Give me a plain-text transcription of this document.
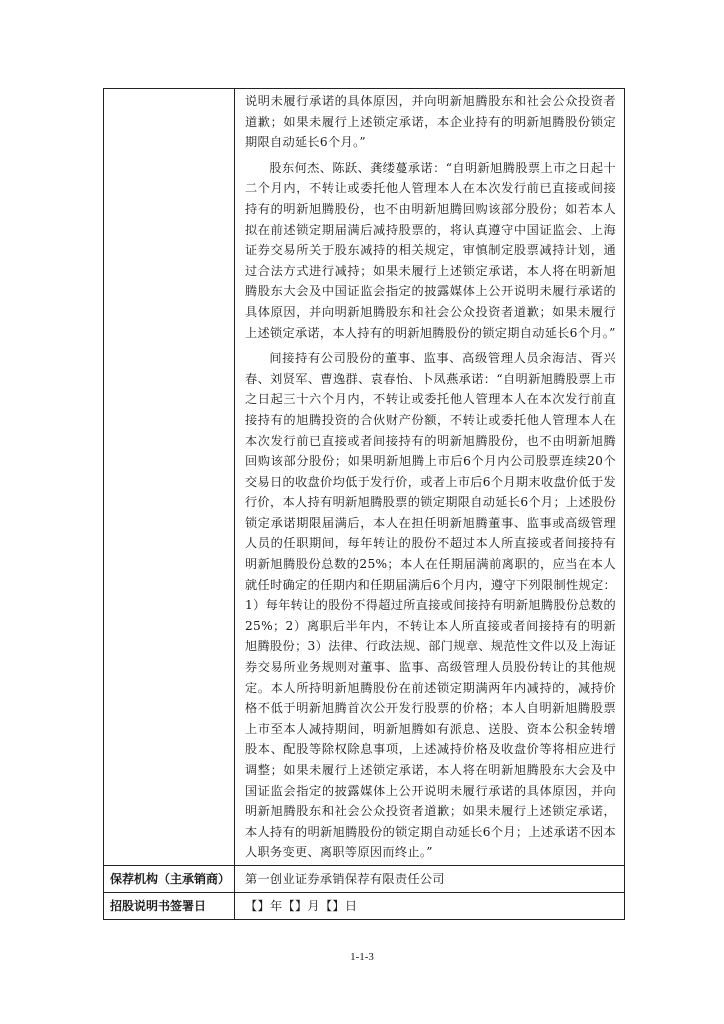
说明未履行承诺的具体原因，并向明新旭腾股东和社会公众投资者道歉；如果未履行上述锁定承诺，本企业持有的明新旭腾股份锁定期限自动延长6个月。”

股东何杰、陈跃、龚缕蔓承诺：“自明新旭腾股票上市之日起十二个月内，不转让或委托他人管理本人在本次发行前已直接或间接持有的明新旭腾股份，也不由明新旭腾回购该部分股份；如若本人拟在前述锁定期届满后减持股票的，将认真遵守中国证监会、上海证券交易所关于股东减持的相关规定，审慎制定股票减持计划，通过合法方式进行减持；如果未履行上述锁定承诺，本人将在明新旭腾股东大会及中国证监会指定的披露媒体上公开说明未履行承诺的具体原因，并向明新旭腾股东和社会公众投资者道歉；如果未履行上述锁定承诺，本人持有的明新旭腾股份的锁定期自动延长6个月。”

间接持有公司股份的董事、监事、高级管理人员余海洁、胥兴春、刘贤军、曹逸群、袁春怡、卜凤燕承诺：“自明新旭腾股票上市之日起三十六个月内，不转让或委托他人管理本人在本次发行前直接持有的旭腾投资的合伙财产份额，不转让或委托他人管理本人在本次发行前已直接或者间接持有的明新旭腾股份，也不由明新旭腾回购该部分股份；如果明新旭腾上市后6个月内公司股票连续20个交易日的收盘价均低于发行价，或者上市后6个月期末收盘价低于发行价，本人持有明新旭腾股票的锁定期限自动延长6个月；上述股份锁定承诺期限届满后，本人在担任明新旭腾董事、监事或高级管理人员的任职期间，每年转让的股份不超过本人所直接或者间接持有明新旭腾股份总数的25%；本人在任期届满前离职的，应当在本人就任时确定的任期内和任期届满后6个月内，遵守下列限制性规定：1）每年转让的股份不得超过所直接或间接持有明新旭腾股份总数的25%；2）离职后半年内，不转让本人所直接或者间接持有的明新旭腾股份；3）法律、行政法规、部门规章、规范性文件以及上海证券交易所业务规则对董事、监事、高级管理人员股份转让的其他规定。本人所持明新旭腾股份在前述锁定期满两年内减持的，减持价格不低于明新旭腾首次公开发行股票的价格；本人自明新旭腾股票上市至本人减持期间，明新旭腾如有派息、送股、资本公积金转增股本、配股等除权除息事项，上述减持价格及收盘价等将相应进行调整；如果未履行上述锁定承诺，本人将在明新旭腾股东大会及中国证监会指定的披露媒体上公开说明未履行承诺的具体原因，并向明新旭腾股东和社会公众投资者道歉；如果未履行上述锁定承诺，本人持有的明新旭腾股份的锁定期自动延长6个月；上述承诺不因本人职务变更、离职等原因而终止。”

保荐机构（主承销商）	第一创业证券承销保荐有限责任公司
招股说明书签署日	【】年【】月【】日
1-1-3
